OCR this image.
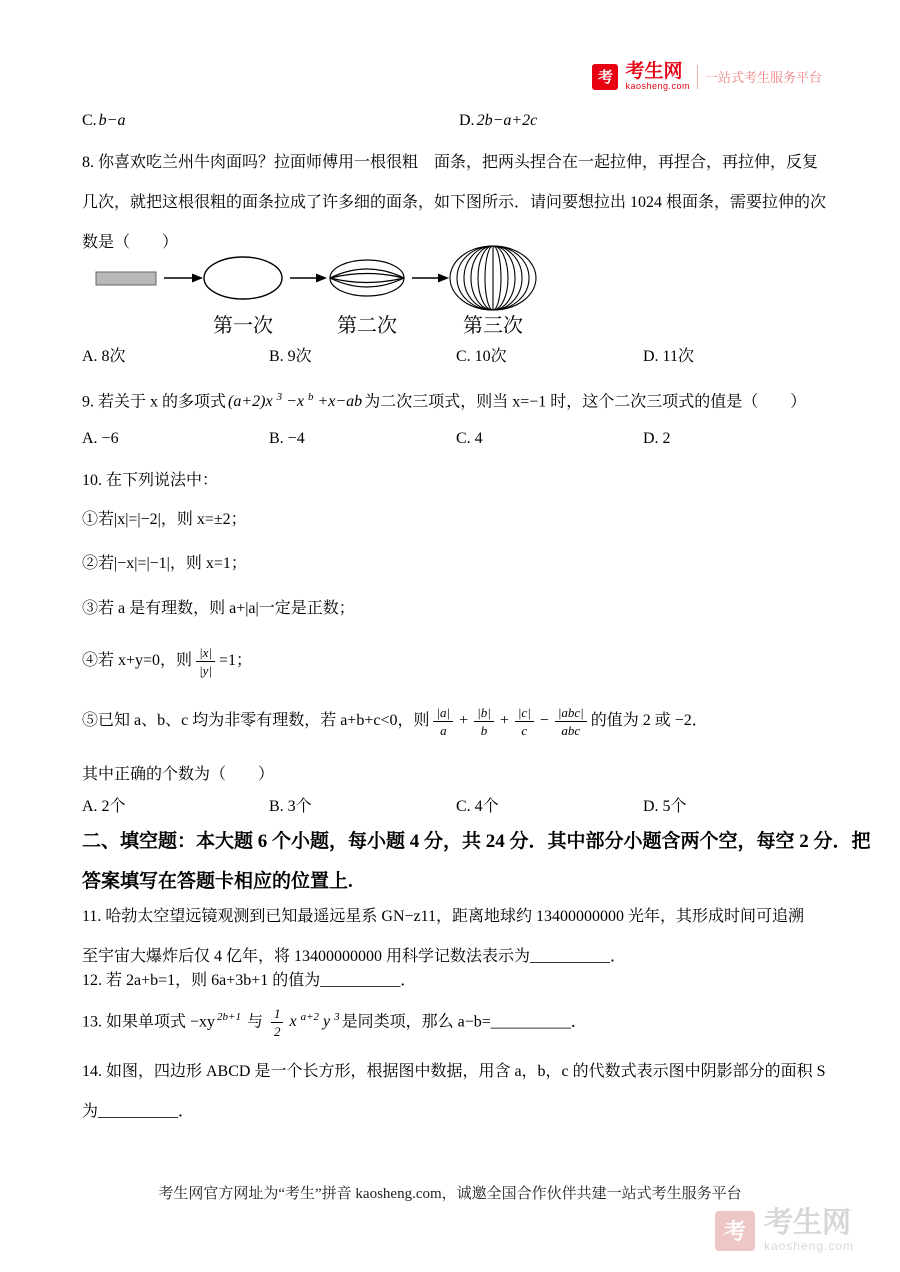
考 考生网
kaosheng.com
一站式考生服务平台
C. b−a	D. 2b−a+2c
8. 你喜欢吃兰州牛肉面吗？拉面师傅用一根很粗　面条，把两头捏合在一起拉伸，再捏合，再拉伸，反复
几次，就把这根很粗的面条拉成了许多细的面条，如下图所示．请问要想拉出 1024 根面条，需要拉伸的次
数是（　　）
第一次	第二次	第三次
A. 8次	B. 9次	C. 10次	D. 11次
9. 若关于 x 的多项式 (a+2)x $^3$ −x $^b$ +x−ab 为二次三项式，则当 x=−1 时，这个二次三项式的值是（　　）
A. −6	B. −4	C. 4	D. 2
10. 在下列说法中：
①若|x|=|−2|，则 x=±2；
②若|−x|=|−1|，则 x=1；
③若 a 是有理数，则 a+|a|一定是正数；
④若 x+y=0，则 $\frac{|x|}{|y|} =1$；
⑤已知 a、b、c 均为非零有理数，若 a+b+c<0，则 $\frac{|a|}{a} + \frac{|b|}{b} + \frac{|c|}{c} - \frac{\text{|abc|}}{\text{abc}}$ 的值为 2 或 −2．
其中正确的个数为（　　）
A. 2个	B. 3个	C. 4个	D. 5个
二、填空题：本大题 6 个小题，每小题 4 分，共 24 分．其中部分小题含两个空，每空 2 分．把
答案填写在答题卡相应的位置上.
11. 哈勃太空望远镜观测到已知最遥远星系 GN−z11，距离地球约 13400000000 光年，其形成时间可追溯
至宇宙大爆炸后仅 4 亿年，将 13400000000 用科学记数法表示为__________．
12. 若 2a+b=1，则 6a+3b+1 的值为__________．
13. 如果单项式 −xy $^{2b+1}$ 与 $\frac{1}{2}$ x $^{a+2}$ y $^3$ 是同类项，那么 a−b=__________．
14. 如图，四边形 ABCD 是一个长方形，根据图中数据，用含 a，b，c 的代数式表示图中阴影部分的面积 S
为__________．
考生网官方网址为“考生”拼音 kaosheng.com，诚邀全国合作伙伴共建一站式考生服务平台
考 考生网
kaosheng.com
